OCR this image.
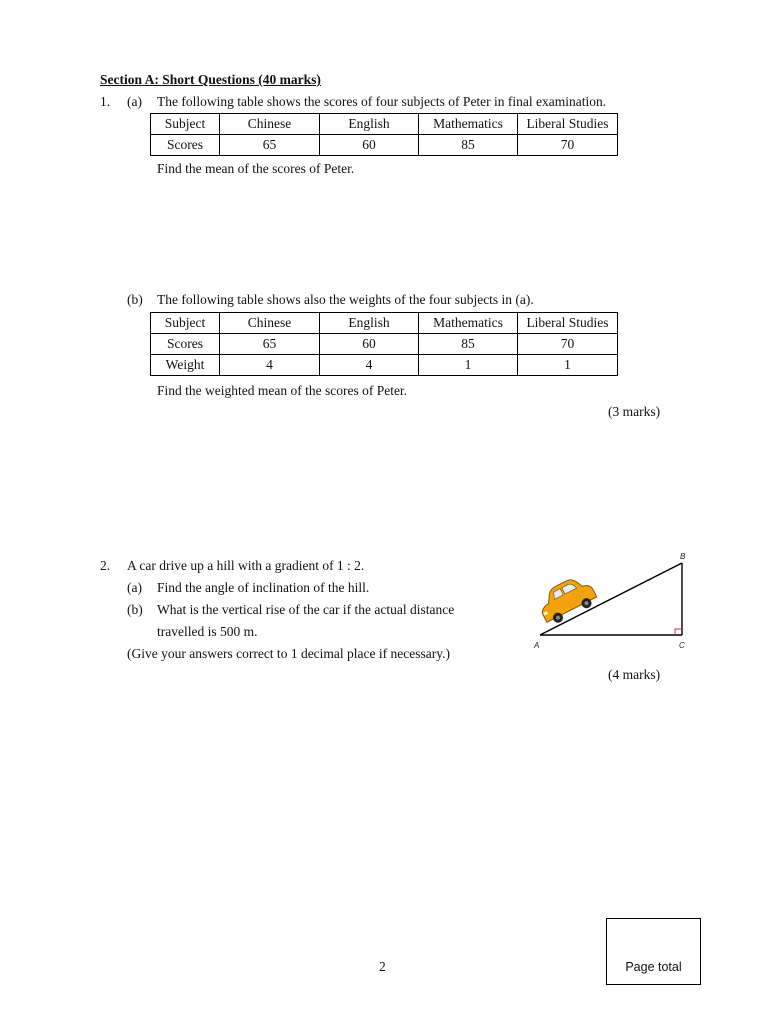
Section A: Short Questions (40 marks)
1. (a) The following table shows the scores of four subjects of Peter in final examination.
Subject	Chinese	English	Mathematics	Liberal Studies
Scores	65	60	85	70
Find the mean of the scores of Peter.
(b) The following table shows also the weights of the four subjects in (a).
Subject	Chinese	English	Mathematics	Liberal Studies
Scores	65	60	85	70
Weight	4	4	1	1
Find the weighted mean of the scores of Peter.
(3 marks)
2. A car drive up a hill with a gradient of 1 : 2.
(a) Find the angle of inclination of the hill.
(b) What is the vertical rise of the car if the actual distance
travelled is 500 m.
(Give your answers correct to 1 decimal place if necessary.)
(4 marks)
A
B
C
2	Page total
